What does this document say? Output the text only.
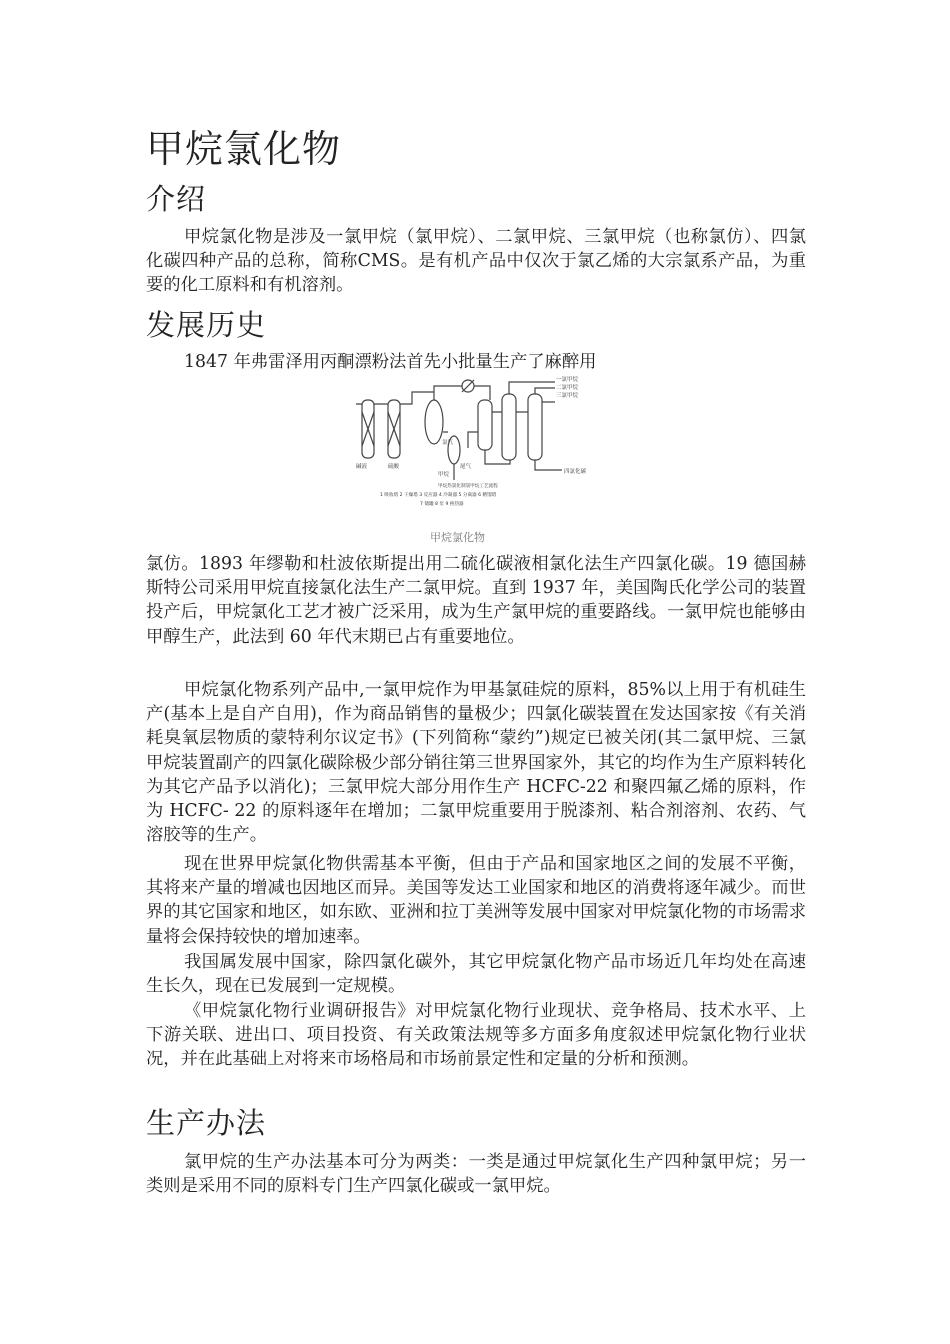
甲烷氯化物
介绍

甲烷氯化物是涉及一氯甲烷（氯甲烷）、二氯甲烷、三氯甲烷（也称氯仿）、四氯化碳四种产品的总称，简称CMS。是有机产品中仅次于氯乙烯的大宗氯系产品，为重要的化工原料和有机溶剂。

发展历史

1847 年弗雷泽用丙酮漂粉法首先小批量生产了麻醉用

一氯甲烷
二氯甲烷
三氯甲烷
四氯化碳
碱液	硫酸
氯气
甲烷
尾气
甲烷热氯化制氯甲烷工艺流程
1 吸收塔 2 干燥塔 3 反应器 4 冷凝器 5 分离器 6 精馏塔
7 储罐 8 泵 9 换热器
甲烷氯化物

氯仿。1893 年缪勒和杜波依斯提出用二硫化碳液相氯化法生产四氯化碳。19 德国赫斯特公司采用甲烷直接氯化法生产二氯甲烷。直到 1937 年，美国陶氏化学公司的装置投产后，甲烷氯化工艺才被广泛采用，成为生产氯甲烷的重要路线。一氯甲烷也能够由甲醇生产，此法到 60 年代末期已占有重要地位。

甲烷氯化物系列产品中,一氯甲烷作为甲基氯硅烷的原料，85%以上用于有机硅生产(基本上是自产自用)，作为商品销售的量极少；四氯化碳装置在发达国家按《有关消耗臭氧层物质的蒙特利尔议定书》(下列简称“蒙约”)规定已被关闭(其二氯甲烷、三氯甲烷装置副产的四氯化碳除极少部分销往第三世界国家外，其它的均作为生产原料转化为其它产品予以消化)；三氯甲烷大部分用作生产 HCFC-22 和聚四氟乙烯的原料，作为 HCFC- 22 的原料逐年在增加；二氯甲烷重要用于脱漆剂、粘合剂溶剂、农药、气溶胶等的生产。

现在世界甲烷氯化物供需基本平衡，但由于产品和国家地区之间的发展不平衡，其将来产量的增减也因地区而异。美国等发达工业国家和地区的消费将逐年减少。而世界的其它国家和地区，如东欧、亚洲和拉丁美洲等发展中国家对甲烷氯化物的市场需求量将会保持较快的增加速率。

我国属发展中国家，除四氯化碳外，其它甲烷氯化物产品市场近几年均处在高速生长久，现在已发展到一定规模。

《甲烷氯化物行业调研报告》对甲烷氯化物行业现状、竞争格局、技术水平、上下游关联、进出口、项目投资、有关政策法规等多方面多角度叙述甲烷氯化物行业状况，并在此基础上对将来市场格局和市场前景定性和定量的分析和预测。

生产办法

氯甲烷的生产办法基本可分为两类：一类是通过甲烷氯化生产四种氯甲烷；另一类则是采用不同的原料专门生产四氯化碳或一氯甲烷。
